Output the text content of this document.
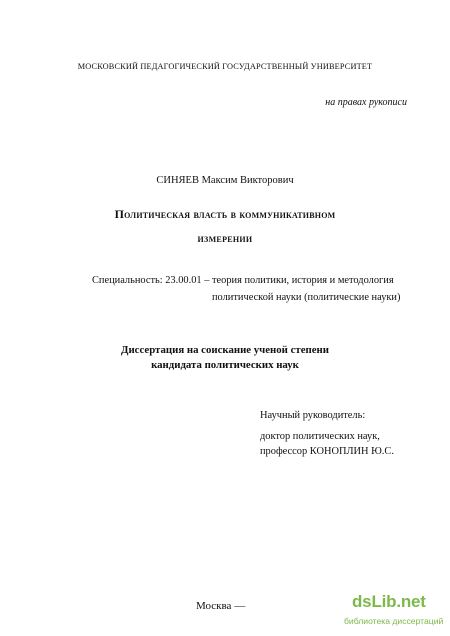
МОСКОВСКИЙ ПЕДАГОГИЧЕСКИЙ ГОСУДАРСТВЕННЫЙ УНИВЕРСИТЕТ
на правах рукописи
СИНЯЕВ Максим Викторович
Политическая власть в коммуникативном
измерении
Специальность: 23.00.01 – теория политики, история и методология
политической науки (политические науки)
Диссертация на соискание ученой степени
кандидата политических наук
Научный руководитель:
доктор политических наук,
профессор КОНОПЛИН Ю.С.
Москва —	dsLib.net
библиотека диссертаций
